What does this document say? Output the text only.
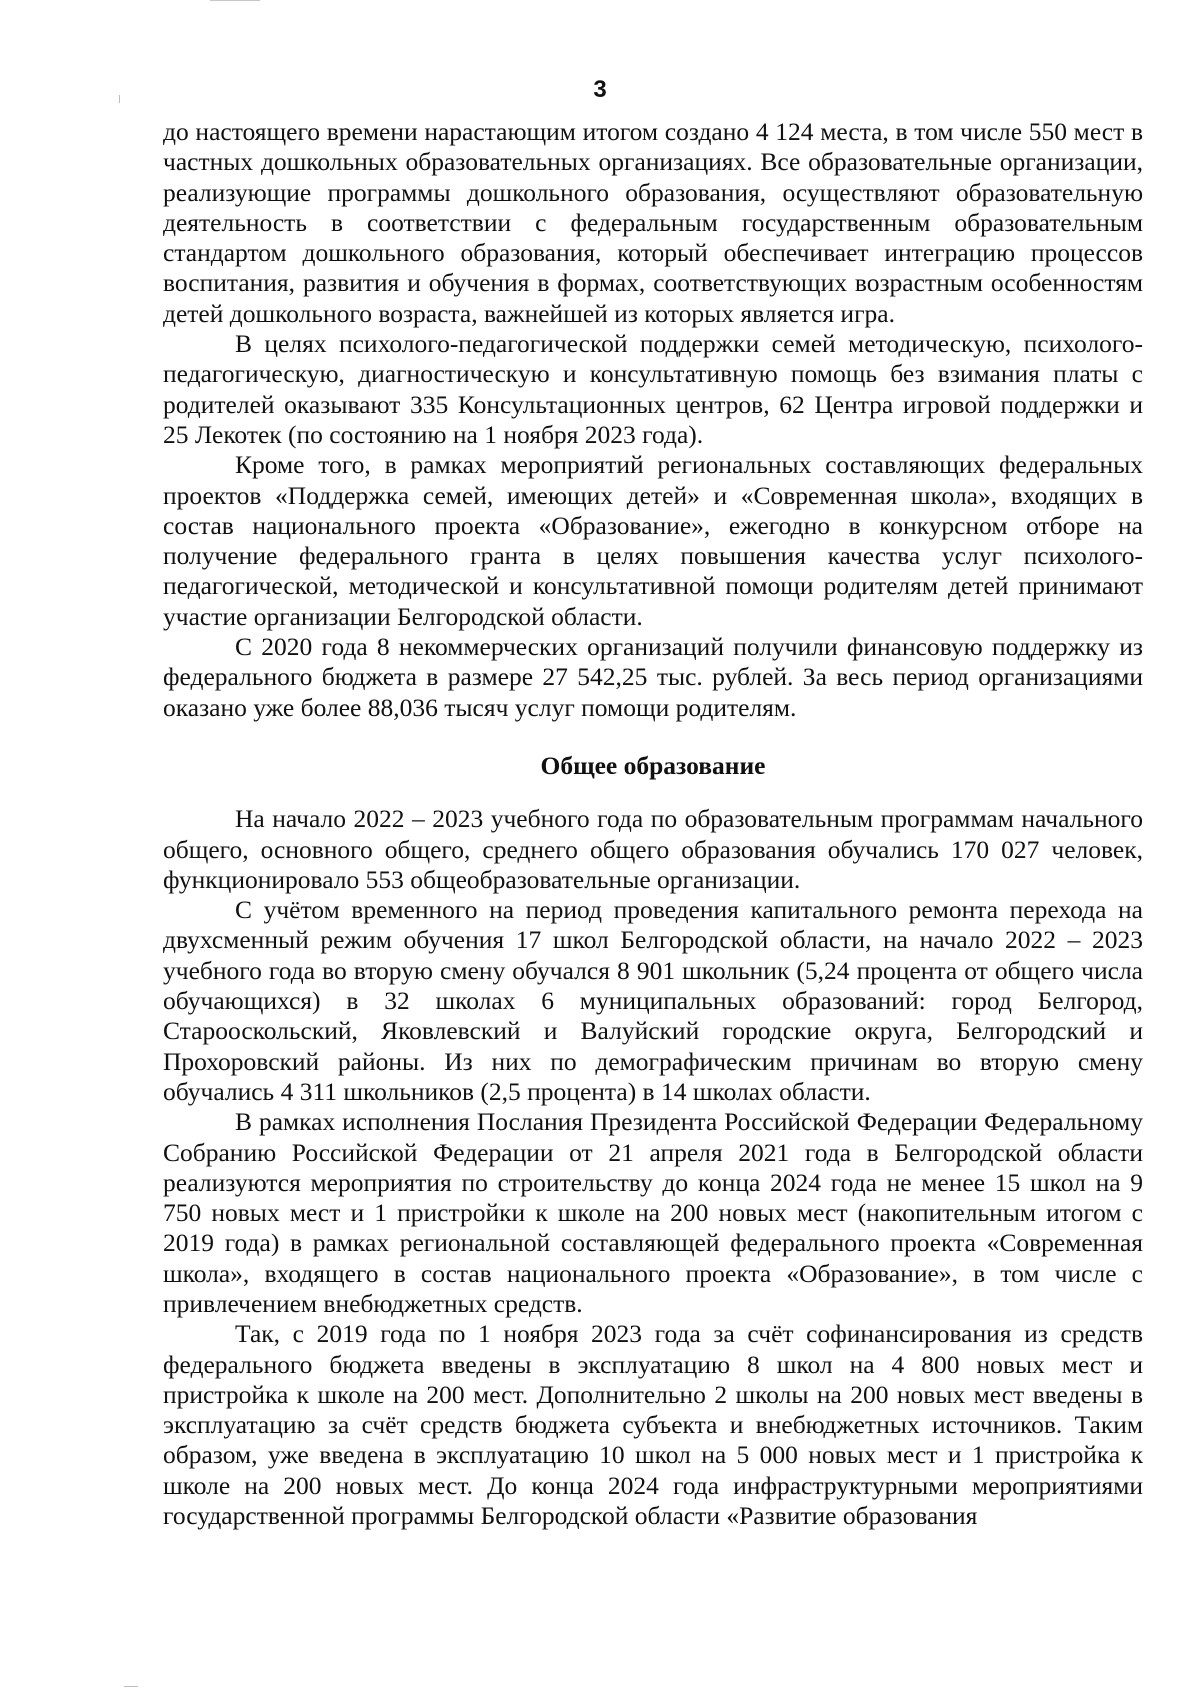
3

до настоящего времени нарастающим итогом создано 4 124 места, в том числе 550 мест в частных дошкольных образовательных организациях. Все образовательные организации, реализующие программы дошкольного образования, осуществляют образовательную деятельность в соответствии с федеральным государственным образовательным стандартом дошкольного образования, который обеспечивает интеграцию процессов воспитания, развития и обучения в формах, соответствующих возрастным особенностям детей дошкольного возраста, важнейшей из которых является игра.

В целях психолого-педагогической поддержки семей методическую, психолого-педагогическую, диагностическую и консультативную помощь без взимания платы с родителей оказывают 335 Консультационных центров, 62 Центра игровой поддержки и 25 Лекотек (по состоянию на 1 ноября 2023 года).

Кроме того, в рамках мероприятий региональных составляющих федеральных проектов «Поддержка семей, имеющих детей» и «Современная школа», входящих в состав национального проекта «Образование», ежегодно в конкурсном отборе на получение федерального гранта в целях повышения качества услуг психолого-педагогической, методической и консультативной помощи родителям детей принимают участие организации Белгородской области.

С 2020 года 8 некоммерческих организаций получили финансовую поддержку из федерального бюджета в размере 27 542,25 тыс. рублей. За весь период организациями оказано уже более 88,036 тысяч услуг помощи родителям.

Общее образование

На начало 2022 – 2023 учебного года по образовательным программам начального общего, основного общего, среднего общего образования обучались 170 027 человек, функционировало 553 общеобразовательные организации.

С учётом временного на период проведения капитального ремонта перехода на двухсменный режим обучения 17 школ Белгородской области, на начало 2022 – 2023 учебного года во вторую смену обучался 8 901 школьник (5,24 процента от общего числа обучающихся) в 32 школах 6 муниципальных образований: город Белгород, Старооскольский, Яковлевский и Валуйский городские округа, Белгородский и Прохоровский районы. Из них по демографическим причинам во вторую смену обучались 4 311 школьников (2,5 процента) в 14 школах области.

В рамках исполнения Послания Президента Российской Федерации Федеральному Собранию Российской Федерации от 21 апреля 2021 года в Белгородской области реализуются мероприятия по строительству до конца 2024 года не менее 15 школ на 9 750 новых мест и 1 пристройки к школе на 200 новых мест (накопительным итогом с 2019 года) в рамках региональной составляющей федерального проекта «Современная школа», входящего в состав национального проекта «Образование», в том числе с привлечением внебюджетных средств.

Так, с 2019 года по 1 ноября 2023 года за счёт софинансирования из средств федерального бюджета введены в эксплуатацию 8 школ на 4 800 новых мест и пристройка к школе на 200 мест. Дополнительно 2 школы на 200 новых мест введены в эксплуатацию за счёт средств бюджета субъекта и внебюджетных источников. Таким образом, уже введена в эксплуатацию 10 школ на 5 000 новых мест и 1 пристройка к школе на 200 новых мест. До конца 2024 года инфраструктурными мероприятиями государственной программы Белгородской области «Развитие образования
